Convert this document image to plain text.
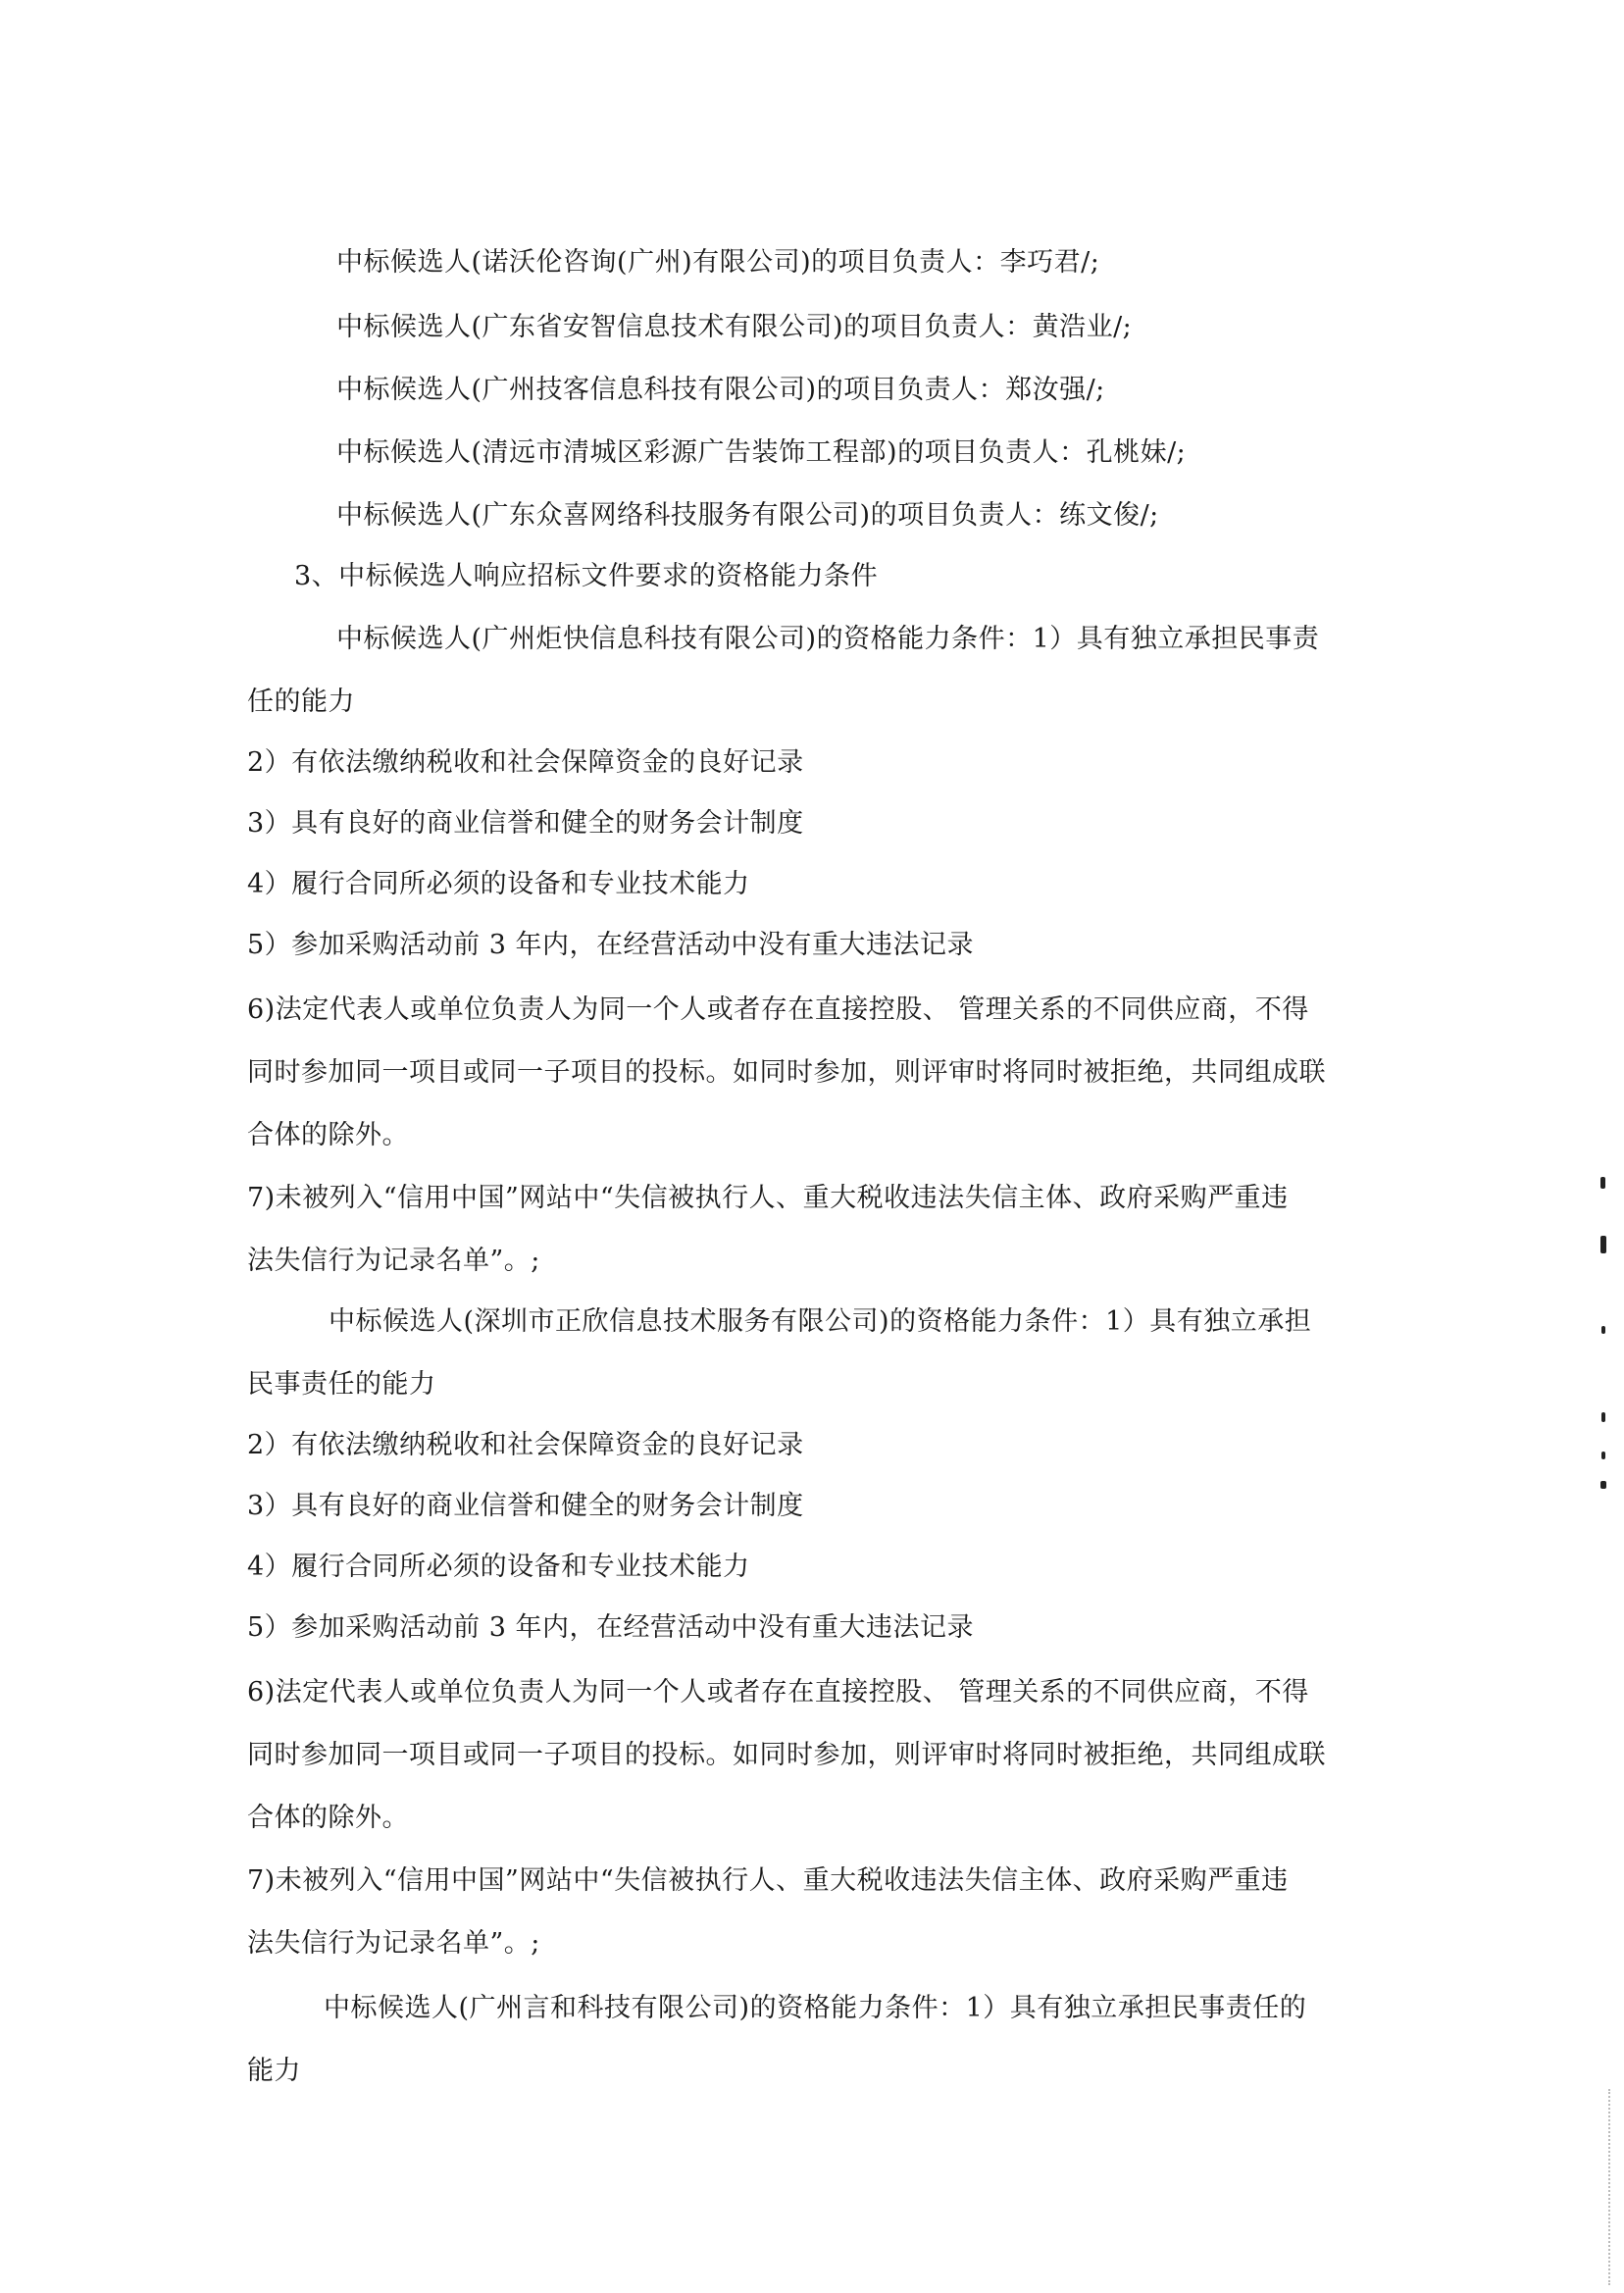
中标候选人(诺沃伦咨询(广州)有限公司)的项目负责人：李巧君/;
中标候选人(广东省安智信息技术有限公司)的项目负责人：黄浩业/;
中标候选人(广州技客信息科技有限公司)的项目负责人：郑汝强/;
中标候选人(清远市清城区彩源广告装饰工程部)的项目负责人：孔桃妹/;
中标候选人(广东众喜网络科技服务有限公司)的项目负责人：练文俊/;
3、中标候选人响应招标文件要求的资格能力条件
中标候选人(广州炬快信息科技有限公司)的资格能力条件：1）具有独立承担民事责
任的能力
2）有依法缴纳税收和社会保障资金的良好记录
3）具有良好的商业信誉和健全的财务会计制度
4）履行合同所必须的设备和专业技术能力
5）参加采购活动前 3 年内，在经营活动中没有重大违法记录
6)法定代表人或单位负责人为同一个人或者存在直接控股、 管理关系的不同供应商，不得
同时参加同一项目或同一子项目的投标。如同时参加，则评审时将同时被拒绝，共同组成联
合体的除外。
7)未被列入“信用中国”网站中“失信被执行人、重大税收违法失信主体、政府采购严重违
法失信行为记录名单”。;
中标候选人(深圳市正欣信息技术服务有限公司)的资格能力条件：1）具有独立承担
民事责任的能力
2）有依法缴纳税收和社会保障资金的良好记录
3）具有良好的商业信誉和健全的财务会计制度
4）履行合同所必须的设备和专业技术能力
5）参加采购活动前 3 年内，在经营活动中没有重大违法记录
6)法定代表人或单位负责人为同一个人或者存在直接控股、 管理关系的不同供应商，不得
同时参加同一项目或同一子项目的投标。如同时参加，则评审时将同时被拒绝，共同组成联
合体的除外。
7)未被列入“信用中国”网站中“失信被执行人、重大税收违法失信主体、政府采购严重违
法失信行为记录名单”。;
中标候选人(广州言和科技有限公司)的资格能力条件：1）具有独立承担民事责任的
能力
